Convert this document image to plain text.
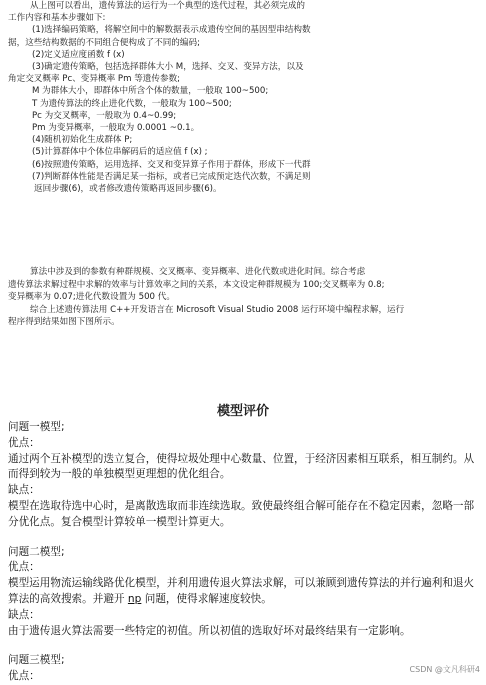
从上图可以看出，遗传算法的运行为一个典型的迭代过程，其必须完成的

工作内容和基本步骤如下:

(1)选择编码策略，将解空间中的解数据表示成遗传空间的基因型串结构数

据，这些结构数据的不同组合便构成了不同的编码;

(2)定义适应度函数 f (x)

(3)确定遗传策略，包括选择群体大小 M，选择、交叉、变异方法，以及

角定交叉概率 Pc、变异概率 Pm 等遗传参数;

M 为群体大小，即群体中所含个体的数量，一般取 100~500;

T 为遗传算法的终止进化代数，一般取为 100~500;

Pc 为交叉概率，一般取为 0.4~0.99;

Pm 为变异概率，一般取为 0.0001 ~0.1。

(4)随机初始化生成群体 P;

(5)计算群体中个体位串解码后的适应值 f (x) ;

(6)按照遗传策略，运用选择、交叉和变异算子作用于群体，形成下一代群

(7)判断群体性能是否满足某一指标，或者已完成预定迭代次数，不满足则

返回步骤(6)，或者修改遗传策略再返回步骤(6)。

算法中涉及到的参数有种群规模、交叉概率、变异概率、进化代数或进化时间。综合考虑

遗传算法求解过程中求解的效率与计算效率之间的关系，本文设定种群规模为 100;交叉概率为 0.8;

变异概率为 0.07;进化代数设置为 500 代。

综合上述遗传算法用 C++开发语言在 Microsoft Visual Studio 2008 运行环境中编程求解，运行

程序得到结果如图下图所示。

模型评价

问题一模型;

优点：

通过两个互补模型的迭立复合，使得垃圾处理中心数量、位置，于经济因素相互联系，相互制约。从而得到较为一般的单独模型更理想的优化组合。

缺点：

模型在选取待选中心时，是离散选取而非连续选取。致使最终组合解可能存在不稳定因素，忽略一部分优化点。复合模型计算较单一模型计算更大。

问题二模型;

优点：

模型运用物流运输线路优化模型，并利用遗传退火算法求解，可以兼顾到遗传算法的并行遍利和退火算法的高效搜索。并避开 np 问题，使得求解速度较快。

缺点：

由于遗传退火算法需要一些特定的初值。所以初值的选取好坏对最终结果有一定影响。

问题三模型;

优点：

CSDN @文凡科研4
